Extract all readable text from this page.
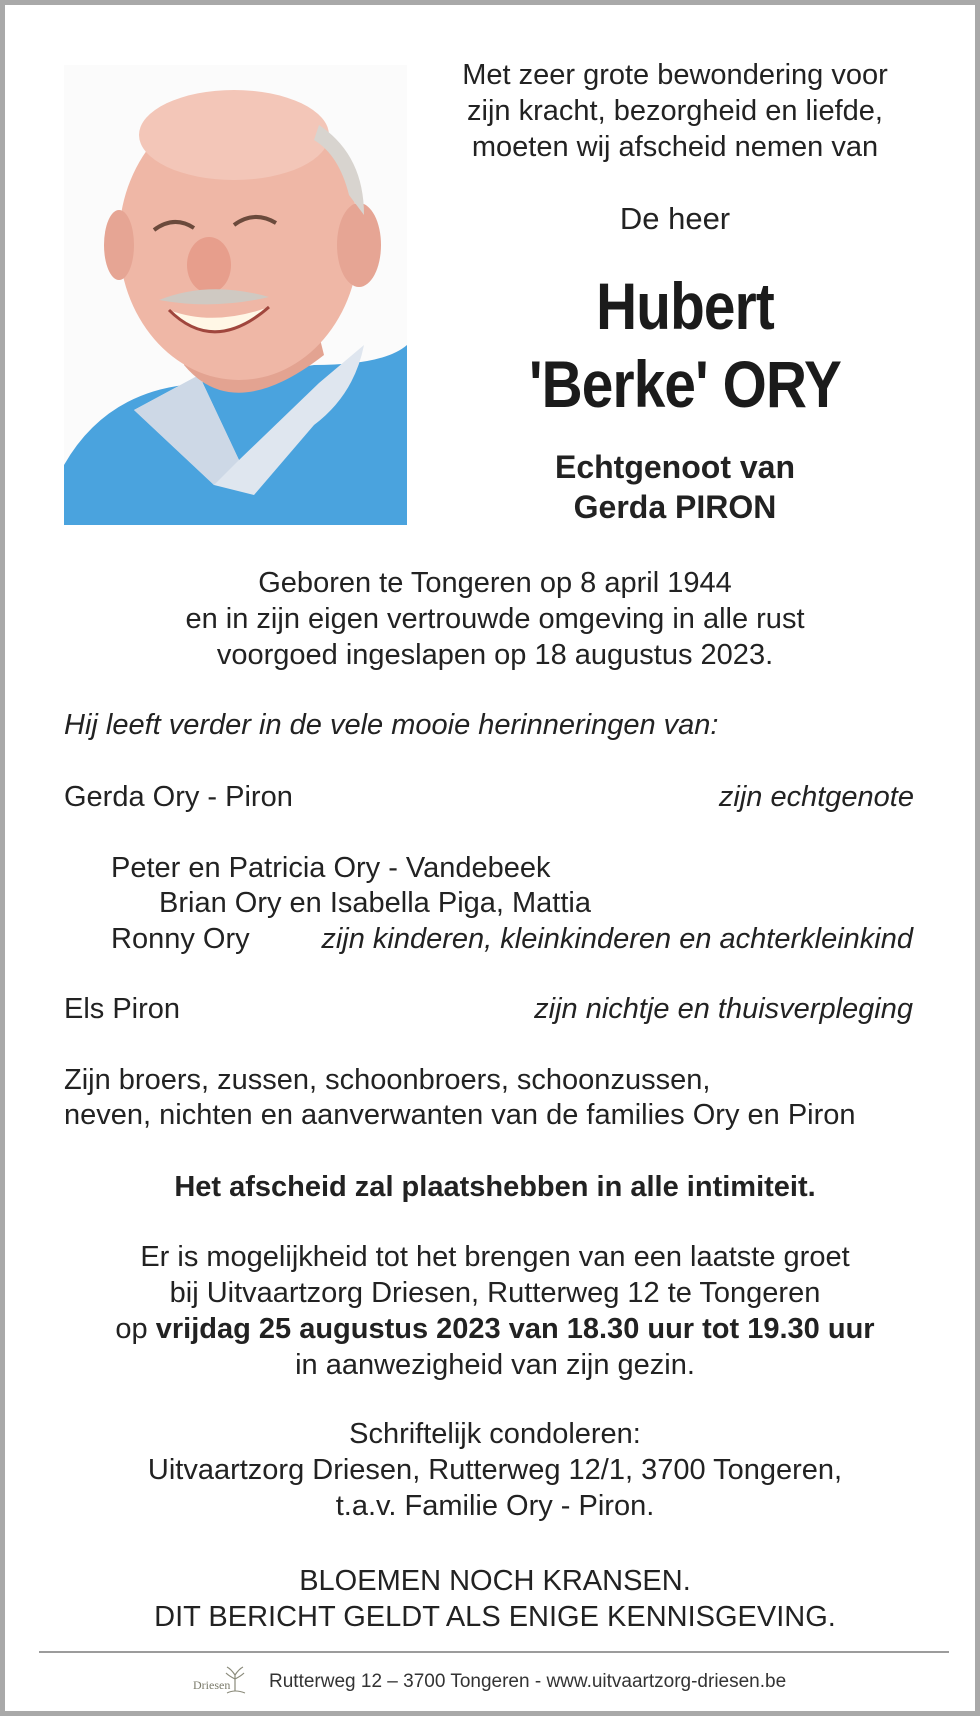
Met zeer grote bewondering voor
zijn kracht, bezorgheid en liefde,
moeten wij afscheid nemen van
De heer
Hubert
'Berke' ORY
Echtgenoot van
Gerda PIRON
Geboren te Tongeren op 8 april 1944
en in zijn eigen vertrouwde omgeving in alle rust
voorgoed ingeslapen op 18 augustus 2023.
Hij leeft verder in de vele mooie herinneringen van:
Gerda Ory - Piron	zijn echtgenote
Peter en Patricia Ory - Vandebeek
Brian Ory en Isabella Piga, Mattia
Ronny Ory zijn kinderen, kleinkinderen en achterkleinkind
Els Piron	zijn nichtje en thuisverpleging
Zijn broers, zussen, schoonbroers, schoonzussen,
neven, nichten en aanverwanten van de families Ory en Piron
Het afscheid zal plaatshebben in alle intimiteit.
Er is mogelijkheid tot het brengen van een laatste groet
bij Uitvaartzorg Driesen, Rutterweg 12 te Tongeren
op vrijdag 25 augustus 2023 van 18.30 uur tot 19.30 uur
in aanwezigheid van zijn gezin.
Schriftelijk condoleren:
Uitvaartzorg Driesen, Rutterweg 12/1, 3700 Tongeren,
t.a.v. Familie Ory - Piron.
BLOEMEN NOCH KRANSEN.
DIT BERICHT GELDT ALS ENIGE KENNISGEVING.
Driesen Rutterweg 12 – 3700 Tongeren - www.uitvaartzorg-driesen.be
